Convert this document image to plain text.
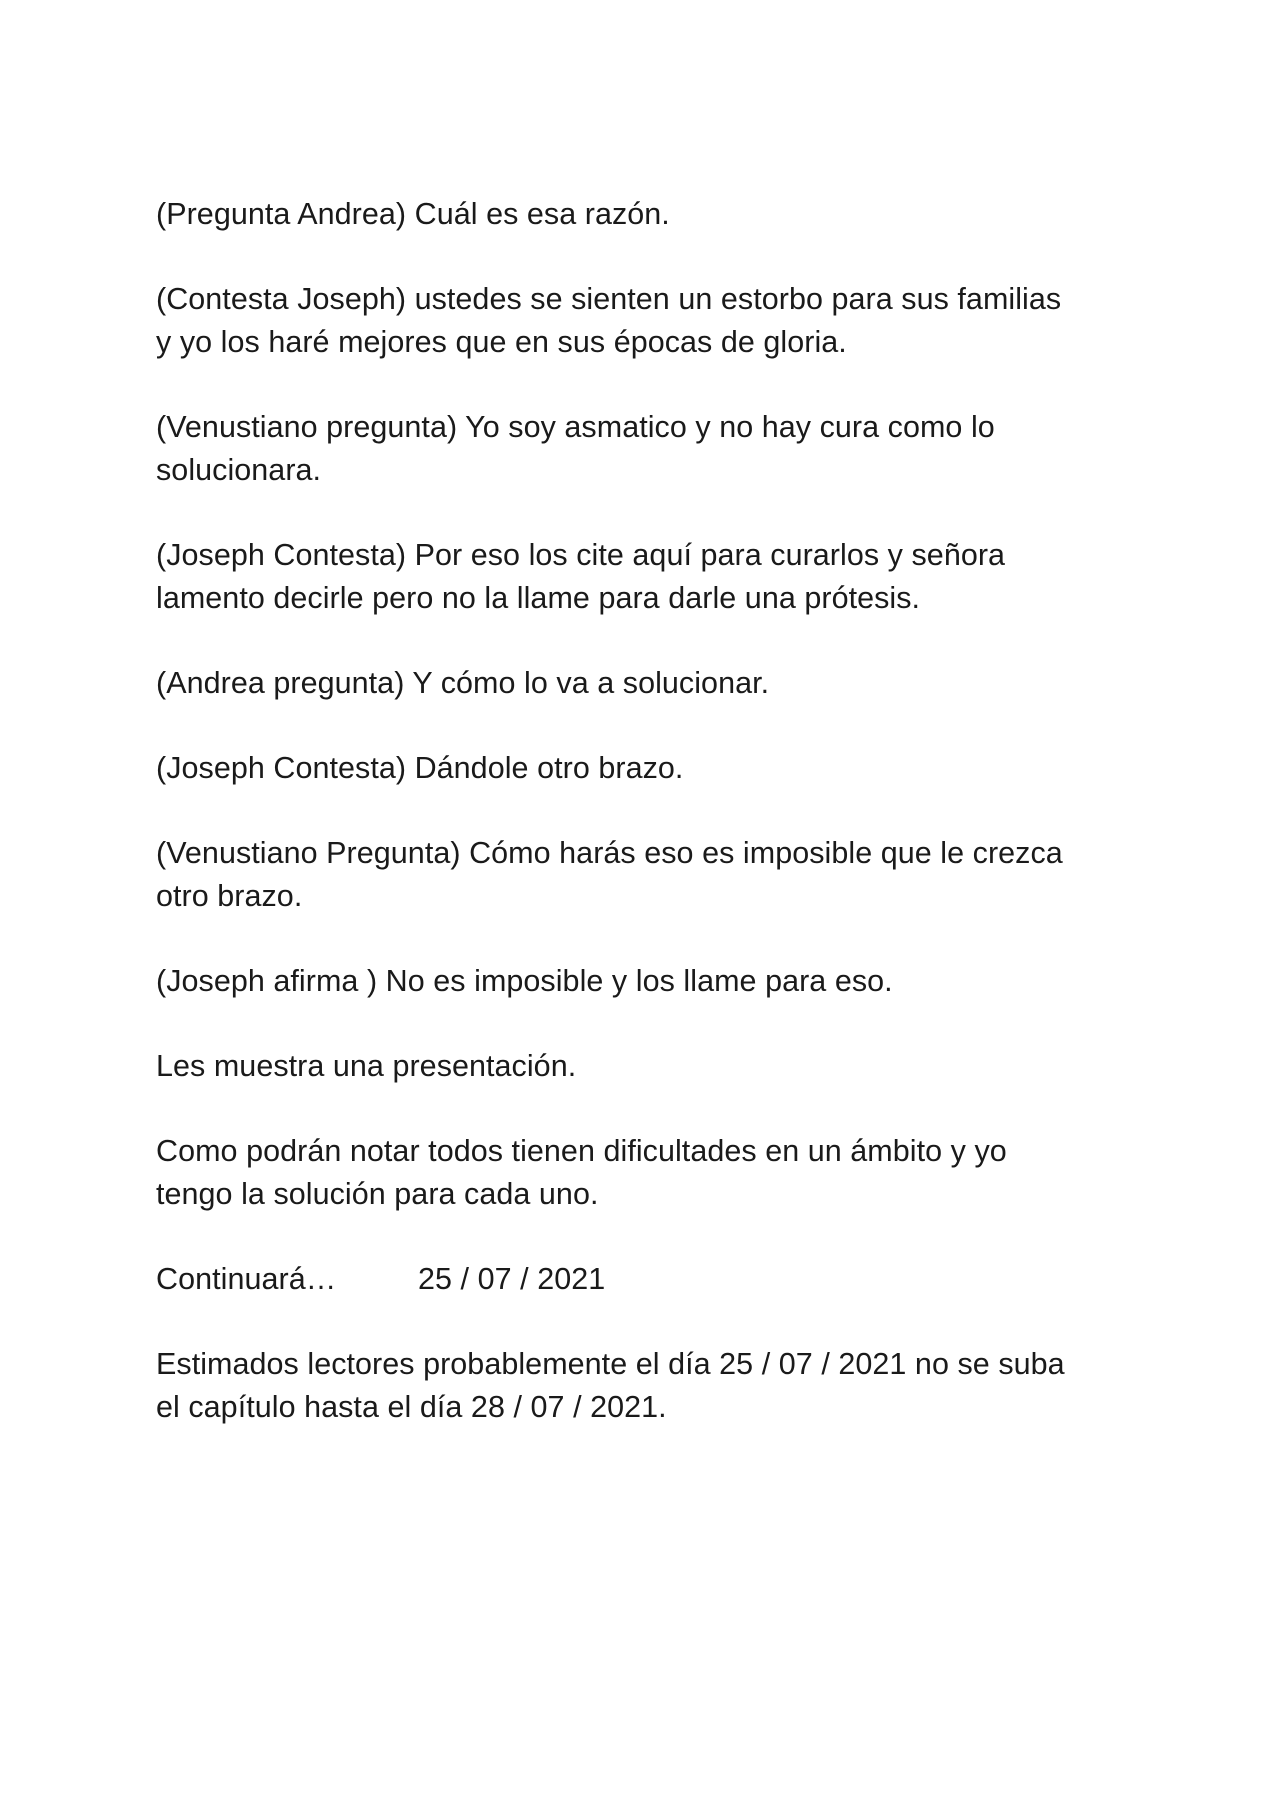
(Pregunta Andrea) Cuál es esa razón.

(Contesta Joseph) ustedes se sienten un estorbo para sus familias
y yo los haré mejores que en sus épocas de gloria.

(Venustiano pregunta) Yo soy asmatico y no hay cura como lo
solucionara.

(Joseph Contesta) Por eso los cite aquí para curarlos y señora
lamento decirle pero no la llame para darle una prótesis.

(Andrea pregunta) Y cómo lo va a solucionar.

(Joseph Contesta) Dándole otro brazo.

(Venustiano Pregunta) Cómo harás eso es imposible que le crezca
otro brazo.

(Joseph afirma ) No es imposible y los llame para eso.

Les muestra una presentación.

Como podrán notar todos tienen dificultades en un ámbito y yo
tengo la solución para cada uno.

Continuará…	25 / 07 / 2021

Estimados lectores probablemente el día 25 / 07 / 2021 no se suba
el capítulo hasta el día 28 / 07 / 2021.
